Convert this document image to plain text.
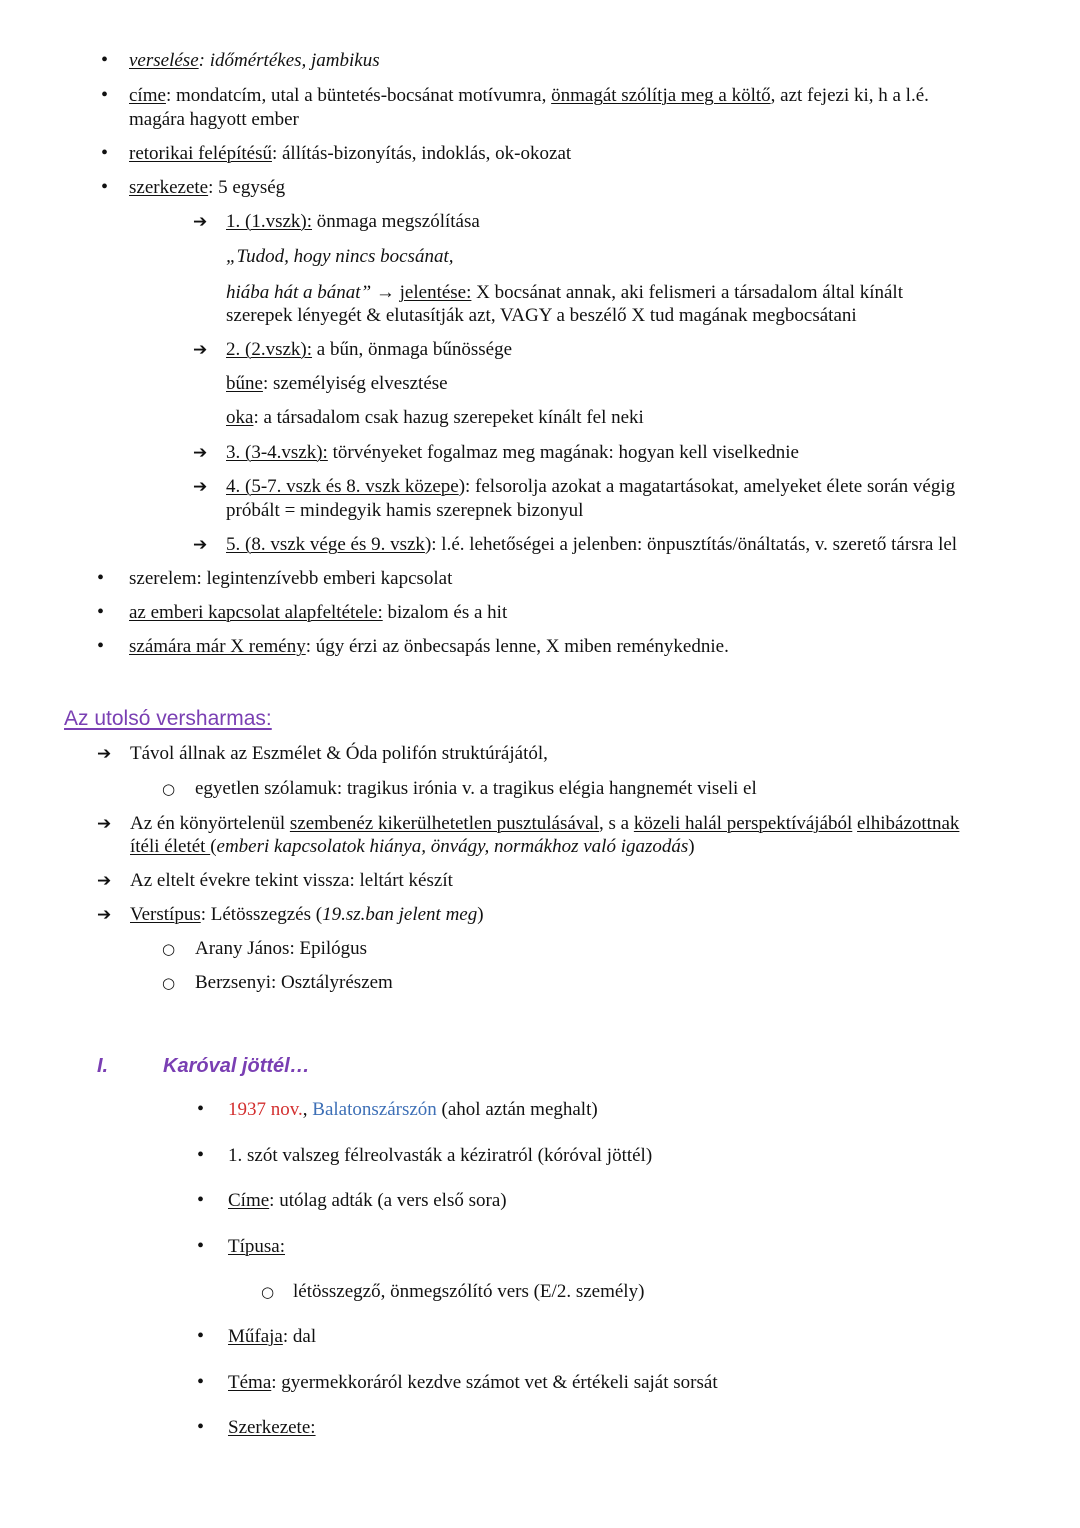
• verselése: időmértékes, jambikus
• címe: mondatcím, utal a büntetés-bocsánat motívumra, önmagát szólítja meg a költő, azt fejezi ki, h a l.é.
magára hagyott ember
• retorikai felépítésű: állítás-bizonyítás, indoklás, ok-okozat
• szerkezete: 5 egység
➔ 1. (1.vszk): önmaga megszólítása
„Tudod, hogy nincs bocsánat,
hiába hát a bánat” → jelentése: X bocsánat annak, aki felismeri a társadalom által kínált
szerepek lényegét & elutasítják azt, VAGY a beszélő X tud magának megbocsátani
➔ 2. (2.vszk): a bűn, önmaga bűnössége
bűne: személyiség elvesztése
oka: a társadalom csak hazug szerepeket kínált fel neki
➔ 3. (3-4.vszk): törvényeket fogalmaz meg magának: hogyan kell viselkednie
➔ 4. (5-7. vszk és 8. vszk közepe): felsorolja azokat a magatartásokat, amelyeket élete során végig
próbált = mindegyik hamis szerepnek bizonyul
➔ 5. (8. vszk vége és 9. vszk): l.é. lehetőségei a jelenben: önpusztítás/önáltatás, v. szerető társra lel
• szerelem: legintenzívebb emberi kapcsolat
• az emberi kapcsolat alapfeltétele: bizalom és a hit
• számára már X remény: úgy érzi az önbecsapás lenne, X miben reménykednie.
Az utolsó versharmas:
➔ Távol állnak az Eszmélet & Óda polifón struktúrájától,
○ egyetlen szólamuk: tragikus irónia v. a tragikus elégia hangnemét viseli el
➔ Az én könyörtelenül szembenéz kikerülhetetlen pusztulásával, s a közeli halál perspektívájából elhibázottnak
ítéli életét (emberi kapcsolatok hiánya, önvágy, normákhoz való igazodás)
➔ Az eltelt évekre tekint vissza: leltárt készít
➔ Verstípus: Létösszegzés (19.sz.ban jelent meg)
○ Arany János: Epilógus
○ Berzsenyi: Osztályrészem
I.	Karóval jöttél…
• 1937 nov., Balatonszárszón (ahol aztán meghalt)
• 1. szót valszeg félreolvasták a kéziratról (kóróval jöttél)
• Címe: utólag adták (a vers első sora)
• Típusa:
○ létösszegző, önmegszólító vers (E/2. személy)
• Műfaja: dal
• Téma: gyermekkoráról kezdve számot vet & értékeli saját sorsát
• Szerkezete:
